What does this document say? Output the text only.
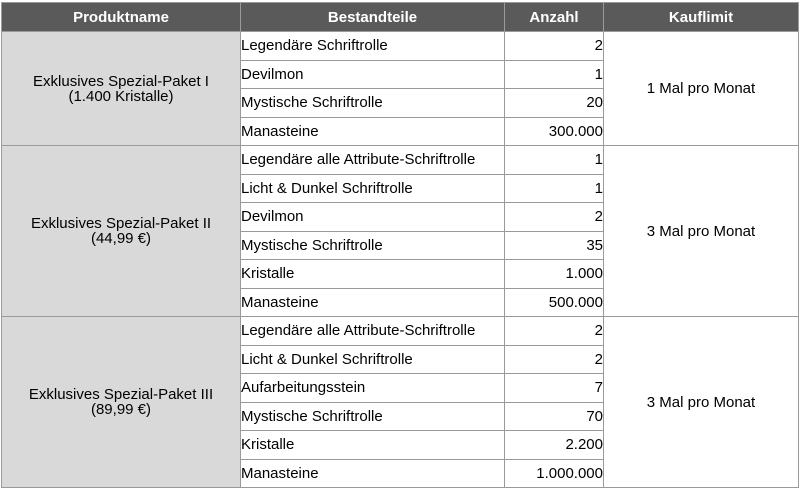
Produktname	Bestandteile	Anzahl	Kauflimit

Exklusives Spezial-Paket I
(1.400 Kristalle)	Legendäre Schriftrolle	2	1 Mal pro Monat
	Devilmon	1	
	Mystische Schriftrolle	20	
	Manasteine	300.000	

Exklusives Spezial-Paket II
(44,99 €)	Legendäre alle Attribute-Schriftrolle	1	3 Mal pro Monat
	Licht & Dunkel Schriftrolle	1	
	Devilmon	2	
	Mystische Schriftrolle	35	
	Kristalle	1.000	
	Manasteine	500.000	

Exklusives Spezial-Paket III
(89,99 €)	Legendäre alle Attribute-Schriftrolle	2	3 Mal pro Monat
	Licht & Dunkel Schriftrolle	2	
	Aufarbeitungsstein	7	
	Mystische Schriftrolle	70	
	Kristalle	2.200	
	Manasteine	1.000.000	
